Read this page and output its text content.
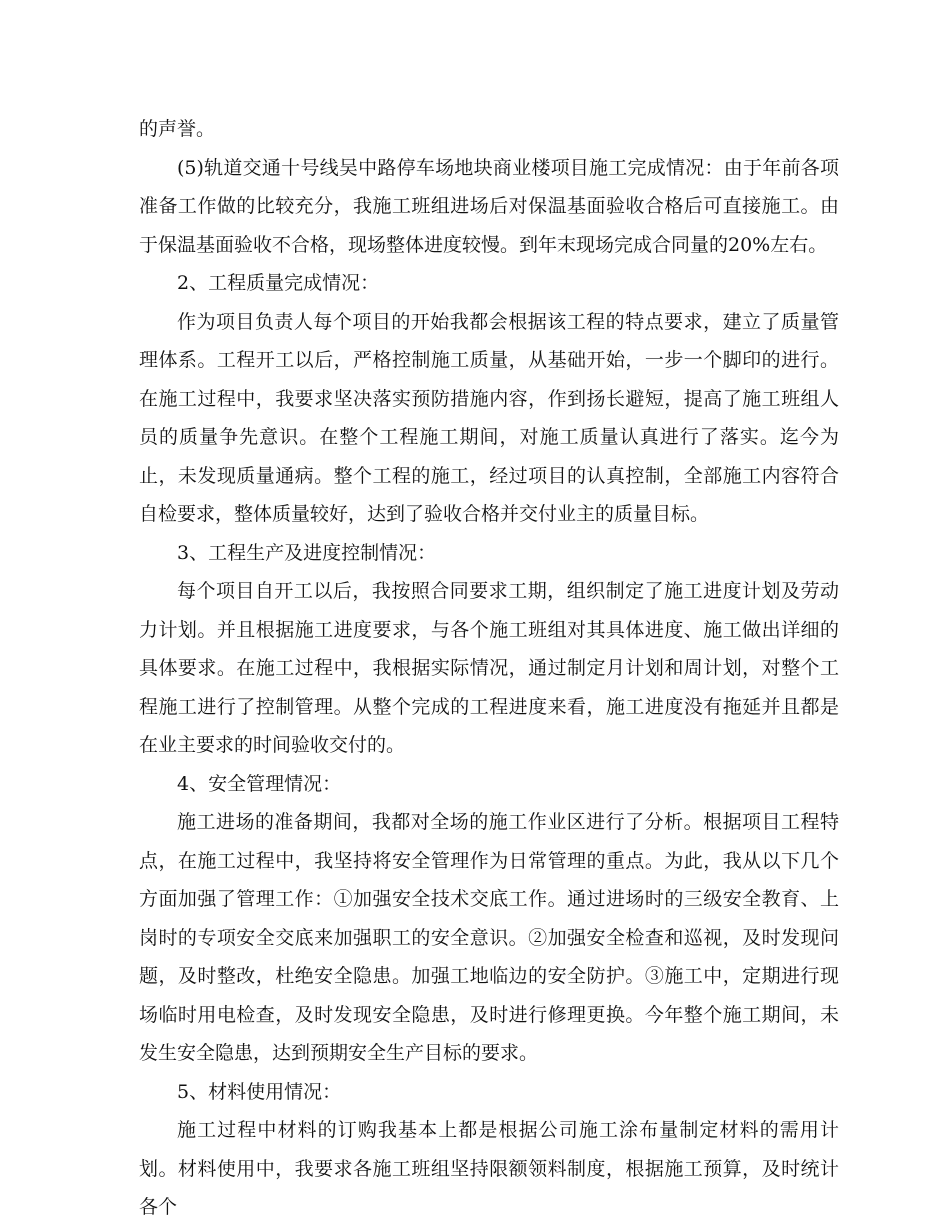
的声誉。

(5)轨道交通十号线吴中路停车场地块商业楼项目施工完成情况：由于年前各项准备工作做的比较充分，我施工班组进场后对保温基面验收合格后可直接施工。由于保温基面验收不合格，现场整体进度较慢。到年末现场完成合同量的20%左右。

2、工程质量完成情况：

作为项目负责人每个项目的开始我都会根据该工程的特点要求，建立了质量管理体系。工程开工以后，严格控制施工质量，从基础开始，一步一个脚印的进行。在施工过程中，我要求坚决落实预防措施内容，作到扬长避短，提高了施工班组人员的质量争先意识。在整个工程施工期间，对施工质量认真进行了落实。迄今为止，未发现质量通病。整个工程的施工，经过项目的认真控制，全部施工内容符合自检要求，整体质量较好，达到了验收合格并交付业主的质量目标。

3、工程生产及进度控制情况：

每个项目自开工以后，我按照合同要求工期，组织制定了施工进度计划及劳动力计划。并且根据施工进度要求，与各个施工班组对其具体进度、施工做出详细的具体要求。在施工过程中，我根据实际情况，通过制定月计划和周计划，对整个工程施工进行了控制管理。从整个完成的工程进度来看，施工进度没有拖延并且都是在业主要求的时间验收交付的。

4、安全管理情况：

施工进场的准备期间，我都对全场的施工作业区进行了分析。根据项目工程特点，在施工过程中，我坚持将安全管理作为日常管理的重点。为此，我从以下几个方面加强了管理工作：①加强安全技术交底工作。通过进场时的三级安全教育、上岗时的专项安全交底来加强职工的安全意识。②加强安全检查和巡视，及时发现问题，及时整改，杜绝安全隐患。加强工地临边的安全防护。③施工中，定期进行现场临时用电检查，及时发现安全隐患，及时进行修理更换。今年整个施工期间，未发生安全隐患，达到预期安全生产目标的要求。

5、材料使用情况：

施工过程中材料的订购我基本上都是根据公司施工涂布量制定材料的需用计划。材料使用中，我要求各施工班组坚持限额领料制度，根据施工预算，及时统计各个
